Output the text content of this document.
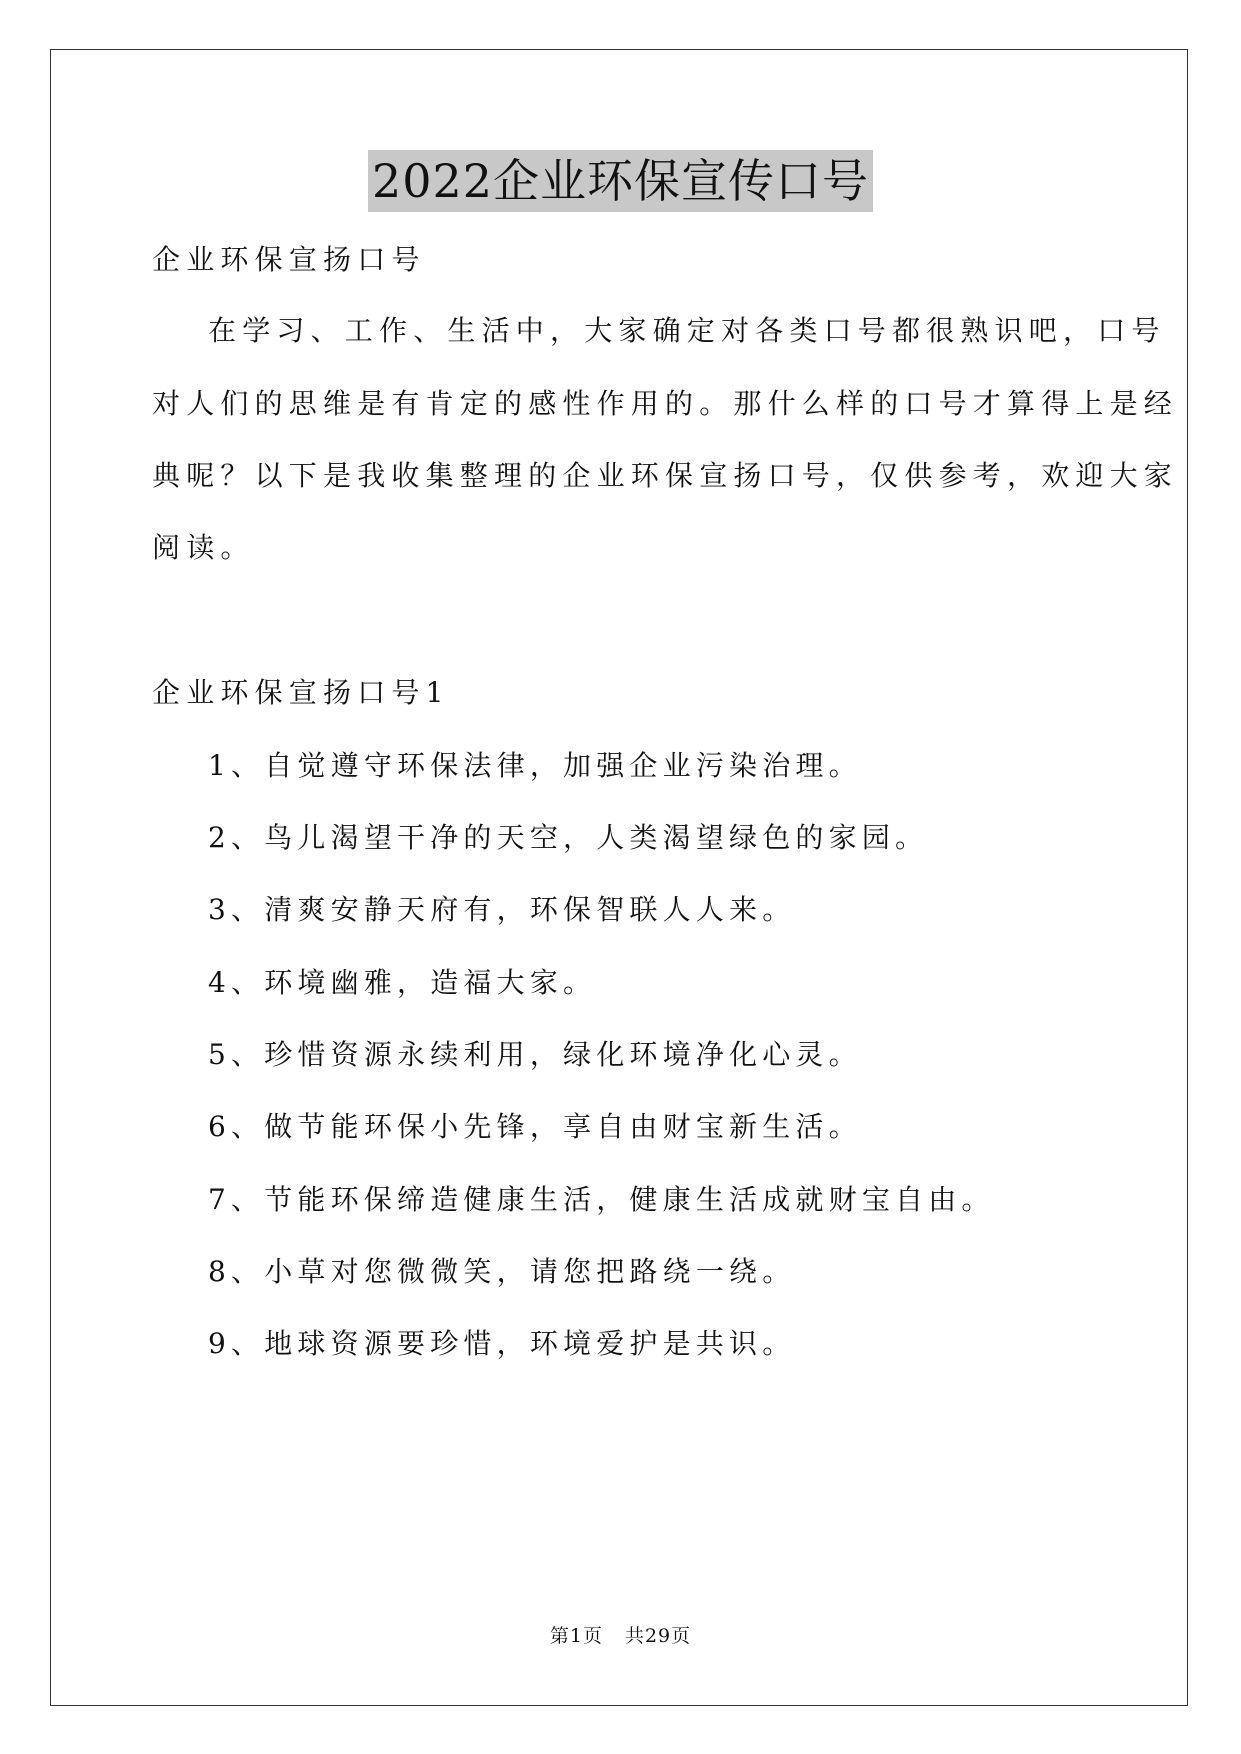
2022企业环保宣传口号
企业环保宣扬口号
在学习、工作、生活中，大家确定对各类口号都很熟识吧，口号
对人们的思维是有肯定的感性作用的。那什么样的口号才算得上是经
典呢？以下是我收集整理的企业环保宣扬口号，仅供参考，欢迎大家
阅读。
企业环保宣扬口号1
1、自觉遵守环保法律，加强企业污染治理。
2、鸟儿渴望干净的天空，人类渴望绿色的家园。
3、清爽安静天府有，环保智联人人来。
4、环境幽雅，造福大家。
5、珍惜资源永续利用，绿化环境净化心灵。
6、做节能环保小先锋，享自由财宝新生活。
7、节能环保缔造健康生活，健康生活成就财宝自由。
8、小草对您微微笑，请您把路绕一绕。
9、地球资源要珍惜，环境爱护是共识。
第1页 共29页
